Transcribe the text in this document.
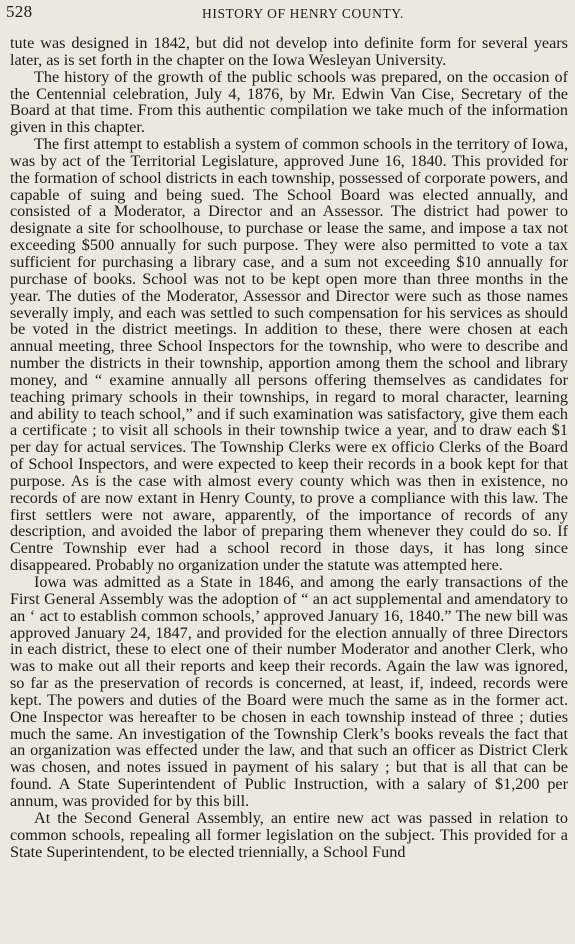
528	HISTORY OF HENRY COUNTY.

tute was designed in 1842, but did not develop into definite form for several years later, as is set forth in the chapter on the Iowa Wesleyan University.

The history of the growth of the public schools was prepared, on the occasion of the Centennial celebration, July 4, 1876, by Mr. Edwin Van Cise, Secretary of the Board at that time. From this authentic compilation we take much of the information given in this chapter.

The first attempt to establish a system of common schools in the territory of Iowa, was by act of the Territorial Legislature, approved June 16, 1840. This provided for the formation of school districts in each township, possessed of corporate powers, and capable of suing and being sued. The School Board was elected annually, and consisted of a Moderator, a Director and an Assessor. The district had power to designate a site for schoolhouse, to purchase or lease the same, and impose a tax not exceeding $500 annually for such purpose. They were also permitted to vote a tax sufficient for purchasing a library case, and a sum not exceeding $10 annually for purchase of books. School was not to be kept open more than three months in the year. The duties of the Moderator, Assessor and Director were such as those names severally imply, and each was settled to such compensation for his services as should be voted in the district meetings. In addition to these, there were chosen at each annual meeting, three School Inspectors for the township, who were to describe and number the districts in their township, apportion among them the school and library money, and “ examine annually all persons offering themselves as candidates for teaching primary schools in their townships, in regard to moral character, learning and ability to teach school,” and if such examination was satisfactory, give them each a certificate ; to visit all schools in their township twice a year, and to draw each $1 per day for actual services. The Township Clerks were ex officio Clerks of the Board of School Inspectors, and were expected to keep their records in a book kept for that purpose. As is the case with almost every county which was then in existence, no records of are now extant in Henry County, to prove a compliance with this law. The first settlers were not aware, apparently, of the importance of records of any description, and avoided the labor of preparing them whenever they could do so. If Centre Township ever had a school record in those days, it has long since disappeared. Probably no organization under the statute was attempted here.

Iowa was admitted as a State in 1846, and among the early transactions of the First General Assembly was the adoption of “ an act supplemental and amendatory to an ‘ act to establish common schools,’ approved January 16, 1840.” The new bill was approved January 24, 1847, and provided for the election annually of three Directors in each district, these to elect one of their number Moderator and another Clerk, who was to make out all their reports and keep their records. Again the law was ignored, so far as the preservation of records is concerned, at least, if, indeed, records were kept. The powers and duties of the Board were much the same as in the former act. One Inspector was hereafter to be chosen in each township instead of three ; duties much the same. An investigation of the Township Clerk’s books reveals the fact that an organization was effected under the law, and that such an officer as District Clerk was chosen, and notes issued in payment of his salary ; but that is all that can be found. A State Superintendent of Public Instruction, with a salary of $1,200 per annum, was provided for by this bill.

At the Second General Assembly, an entire new act was passed in relation to common schools, repealing all former legislation on the subject. This provided for a State Superintendent, to be elected triennially, a School Fund
